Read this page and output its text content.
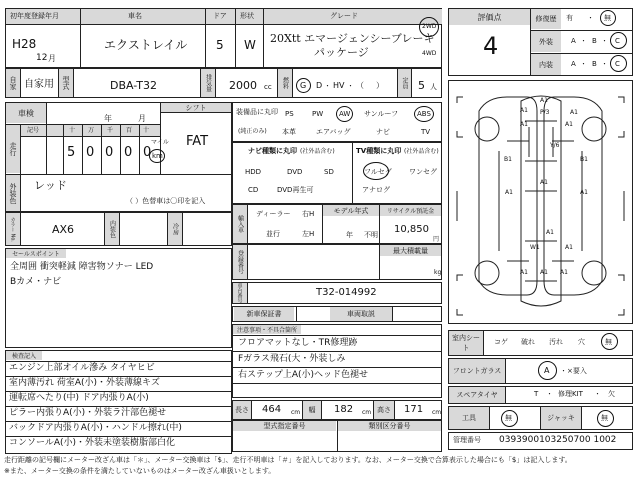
初年度登録年月	車名	ドア 形状	グレード
H28
12 月
エクストレイル 5 W 20Xtt エマージェンシーブレーキ
パッケージ
2WD
4WD
自家 自家用 型式	DBA-T32	排気量 2000 cc 燃料 G D ・ HV ・ （ ）	定員 5 人
車検
年	月
シフト
FAT
走行
記号	十 万 千 百 十
5 0 0 0 0
マイル
km
外装色 レッド
（ ）色替車は〇印を記入
カラー No.	AX6	内装色	冷房
セールスポイント
全周囲 衝突軽減 障害物ソナー LED
Bカメ・ナビ
検査記入
エンジン上部オイル滲み タイヤヒビ
室内薄汚れ 荷室A(小)・外装薄線キズ
運転席へたり(中) ドア内張りA(小)
ピラー内張りA(小)・外装ラ汁部色褪せ
バックドア内張りA(小)・ハンドル擦れ(中)
コンソールA(小)・外装未塗装樹脂部白化
装備品に丸印
(純正のみ)
PS	PW AW サンルーフ	ABS
本革	エアバッグ	ナビ	TV
ナビ種類に丸印 (社外品含む)	TV種類に丸印 (社外品含む)
HDD	DVD	SD
CD	DVD再生可
フルセグ ワンセグ
アナログ
輸入車
ディーラー
並行
右H
左H
モデル年式
年 不明
リサイクル預託金
10,850
円
登録番号	最大積載量
kg
車台番号	T32-014992
新車保証書	車両取説
注意事項・不具合箇所
フロアマットなし・TR修理跡
Fガラス飛石(大・外装しみ
右ステップ上A(小)ヘッド色褪せ
長さ 464 cm 幅 182 cm 高さ 171 cm
型式指定番号	類別区分番号
評価点
4
修復歴 有 ・ 無
外装	A ・ B ・ C
内装	A ・ B ・ C
A1
A1 P/3	A1
B1
A1
B1
A1
Y/6
A1
A1	A1
A1
W1	A1
A1 A1 A1
室内シート
コゲ 破れ 汚れ 穴	無
フロントガラス	A ・×要入
スペアタイヤ	T ・ 修理KIT ・ 欠
工具	無	ジャッキ	無
管理番号 0393900103250700 1002
走行距離の記号欄にメーター改ざん車は「＊」、メーター交換車は「$」、走行不明車は「＃」を記入しております。なお、メーター交換で合算表示した場合にも「$」は記入します。
※また、メーター交換の条件を満たしていないものはメーター改ざん車扱いとします。
